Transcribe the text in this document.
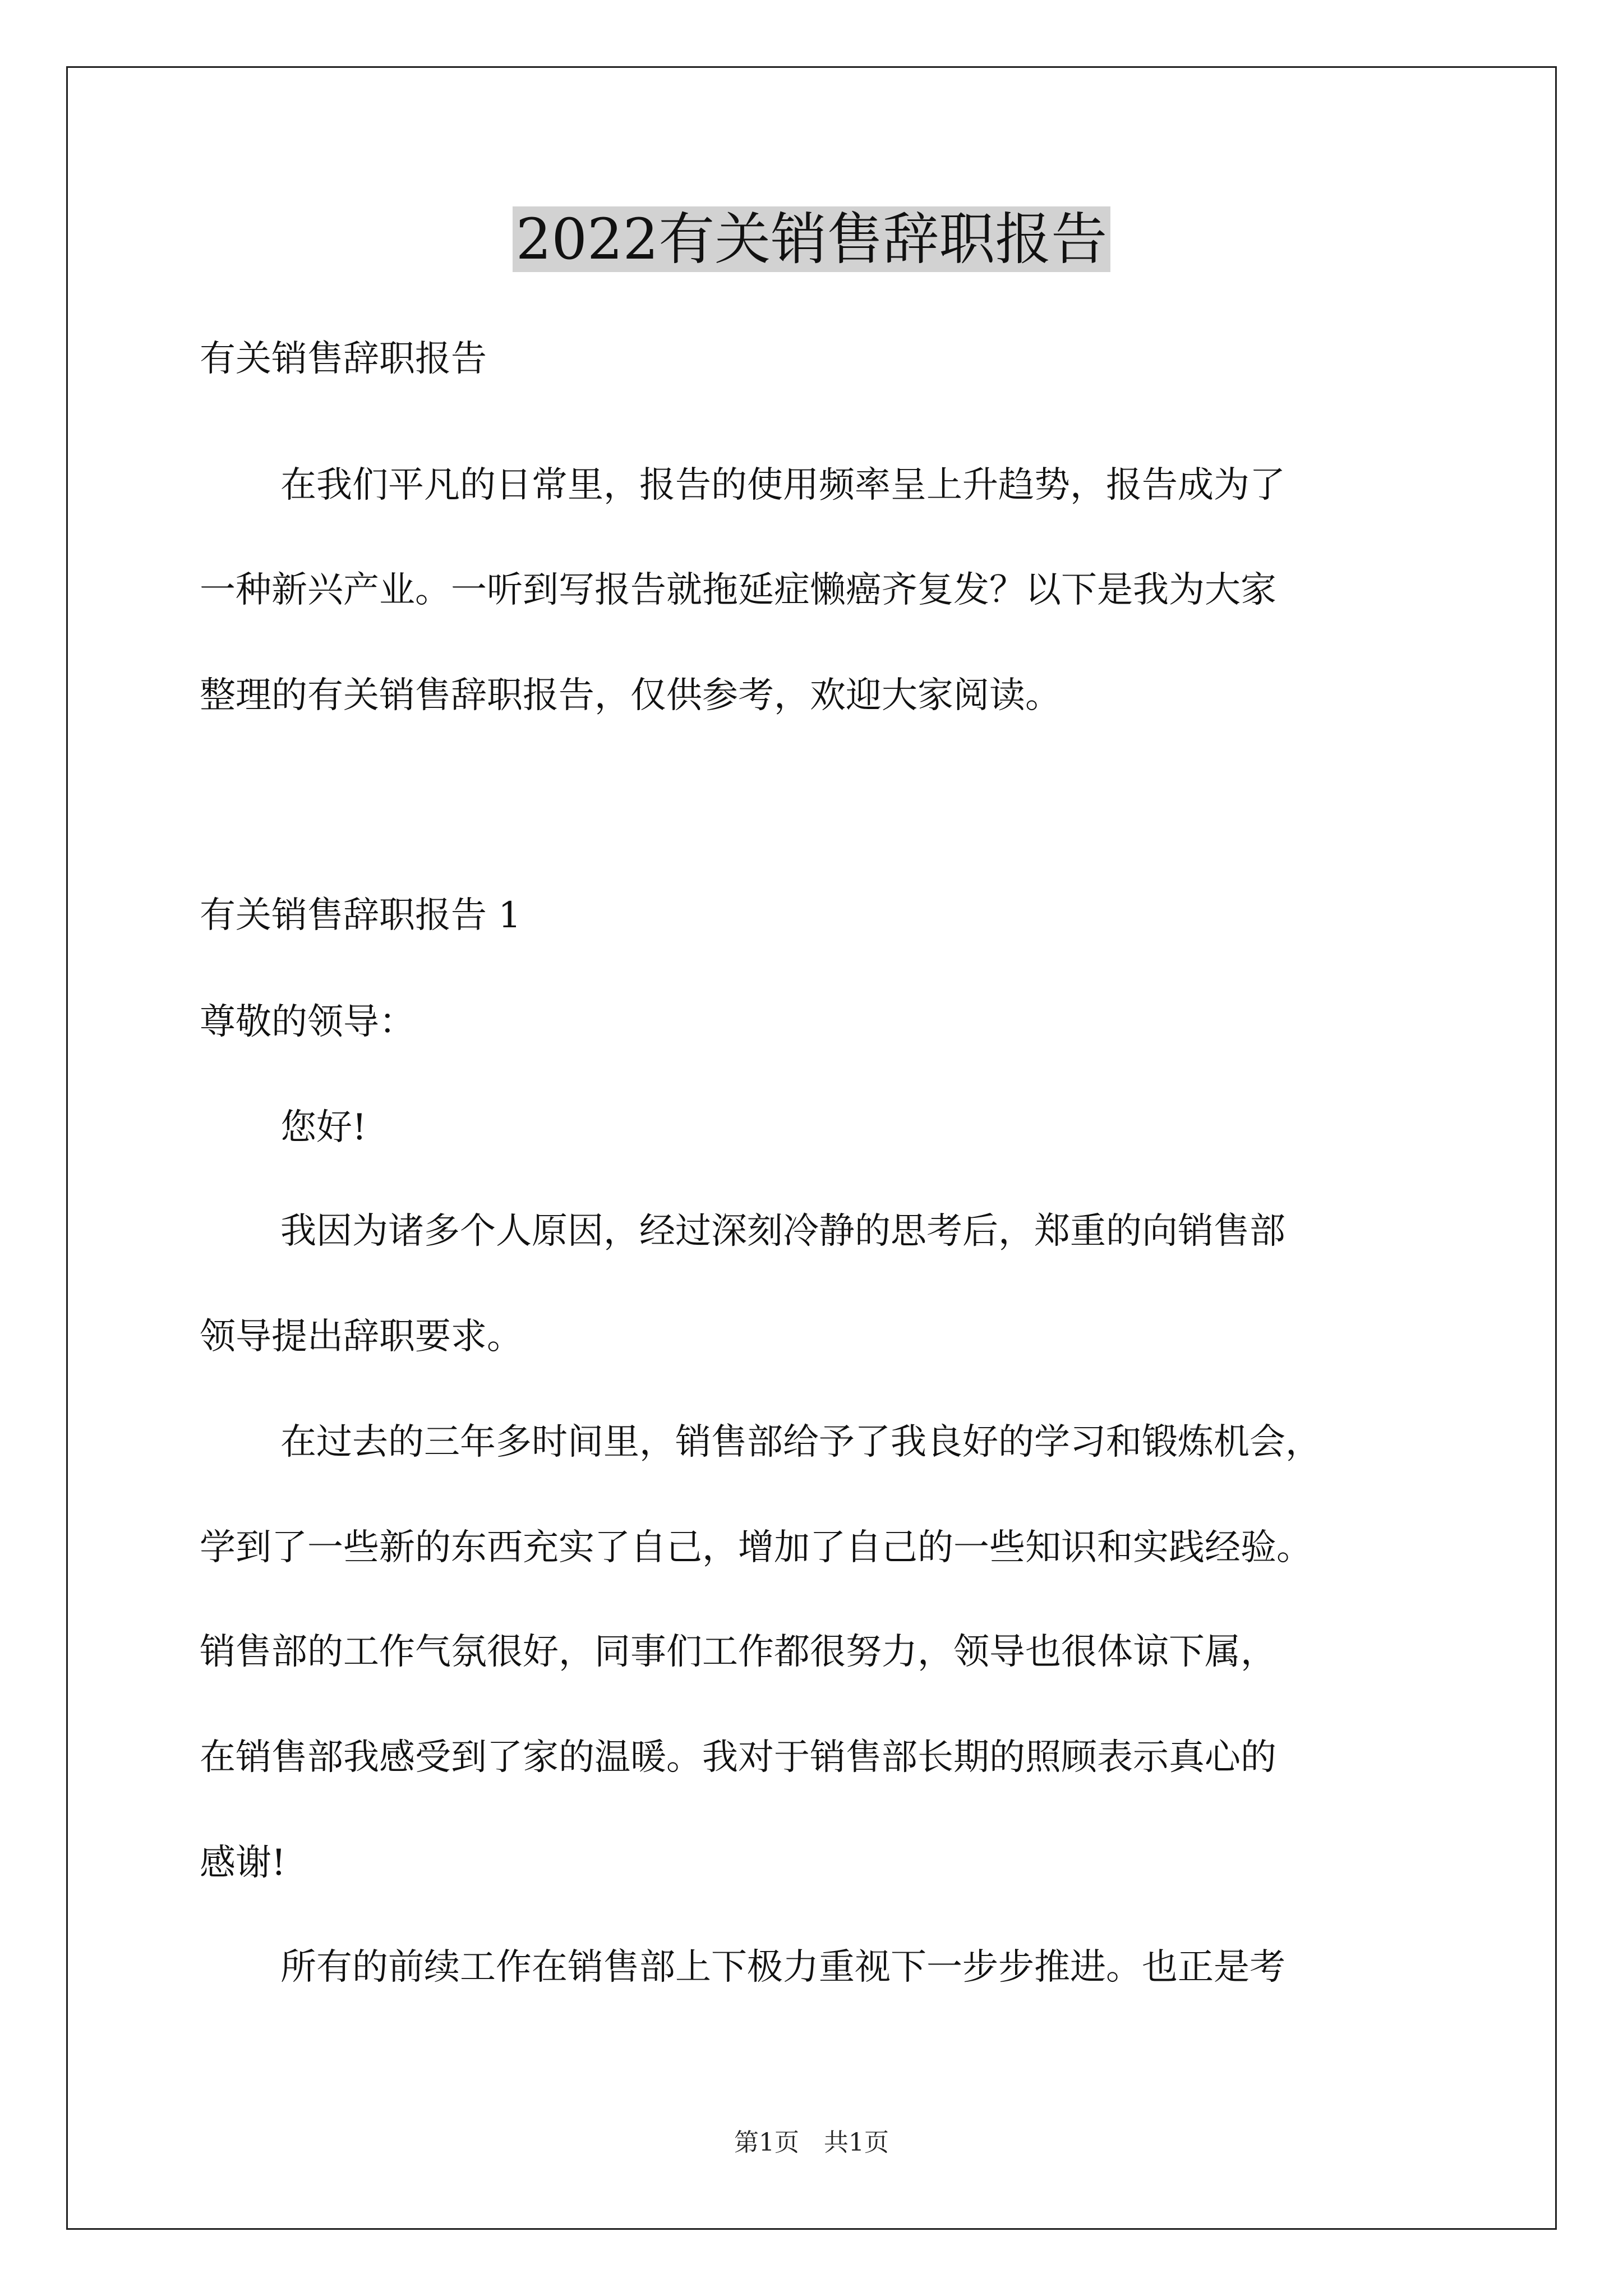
2022有关销售辞职报告
有关销售辞职报告
在我们平凡的日常里，报告的使用频率呈上升趋势，报告成为了
一种新兴产业。一听到写报告就拖延症懒癌齐复发？以下是我为大家
整理的有关销售辞职报告，仅供参考，欢迎大家阅读。
有关销售辞职报告 1
尊敬的领导：
您好!
我因为诸多个人原因，经过深刻冷静的思考后，郑重的向销售部
领导提出辞职要求。
在过去的三年多时间里，销售部给予了我良好的学习和锻炼机会，
学到了一些新的东西充实了自己，增加了自己的一些知识和实践经验。
销售部的工作气氛很好，同事们工作都很努力，领导也很体谅下属，
在销售部我感受到了家的温暖。我对于销售部长期的照顾表示真心的
感谢!
所有的前续工作在销售部上下极力重视下一步步推进。也正是考
第1页　共1页
